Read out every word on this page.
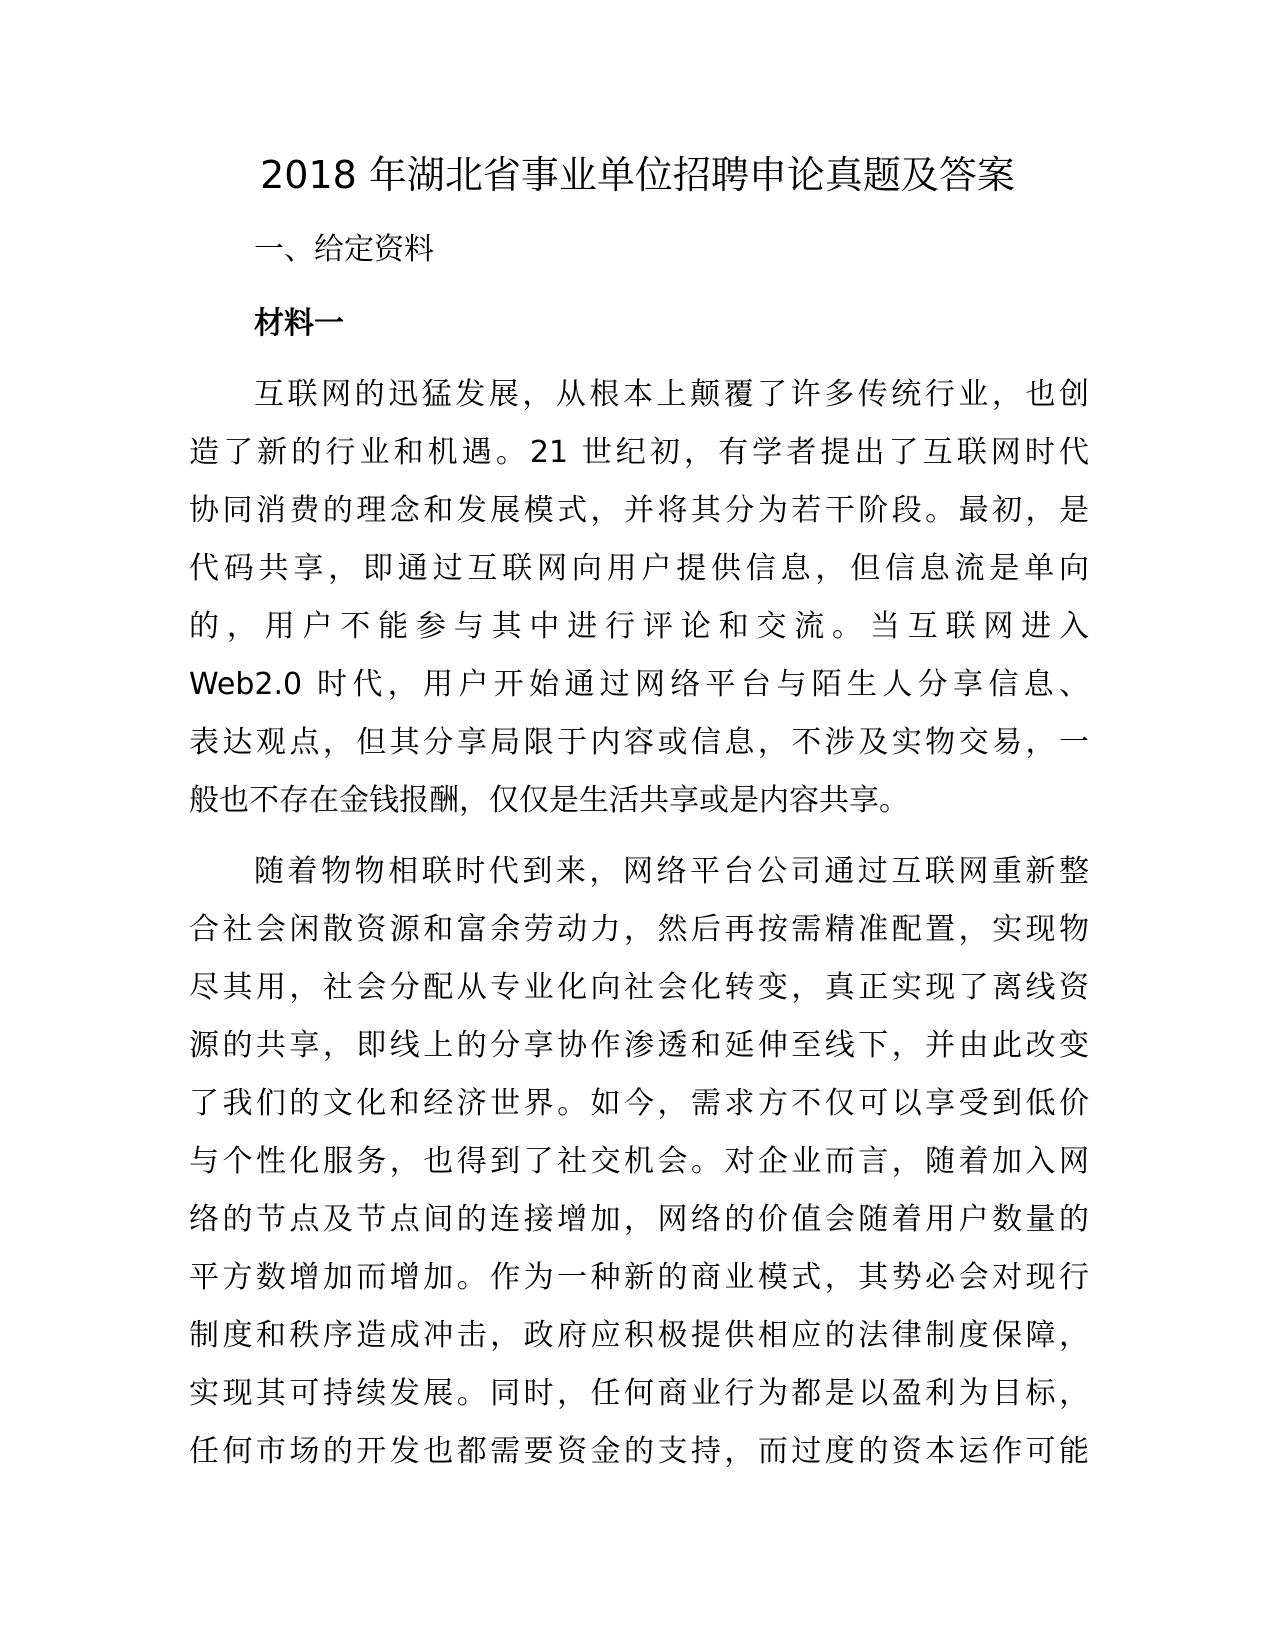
2018 年湖北省事业单位招聘申论真题及答案
一、给定资料
材料一
互联网的迅猛发展，从根本上颠覆了许多传统行业，也创
造了新的行业和机遇。21 世纪初，有学者提出了互联网时代
协同消费的理念和发展模式，并将其分为若干阶段。最初，是
代码共享，即通过互联网向用户提供信息，但信息流是单向
的，用户不能参与其中进行评论和交流。当互联网进入
Web2.0 时代，用户开始通过网络平台与陌生人分享信息、
表达观点，但其分享局限于内容或信息，不涉及实物交易，一
般也不存在金钱报酬，仅仅是生活共享或是内容共享。
随着物物相联时代到来，网络平台公司通过互联网重新整
合社会闲散资源和富余劳动力，然后再按需精准配置，实现物
尽其用，社会分配从专业化向社会化转变，真正实现了离线资
源的共享，即线上的分享协作渗透和延伸至线下，并由此改变
了我们的文化和经济世界。如今，需求方不仅可以享受到低价
与个性化服务，也得到了社交机会。对企业而言，随着加入网
络的节点及节点间的连接增加，网络的价值会随着用户数量的
平方数增加而增加。作为一种新的商业模式，其势必会对现行
制度和秩序造成冲击，政府应积极提供相应的法律制度保障，
实现其可持续发展。同时，任何商业行为都是以盈利为目标，
任何市场的开发也都需要资金的支持，而过度的资本运作可能
